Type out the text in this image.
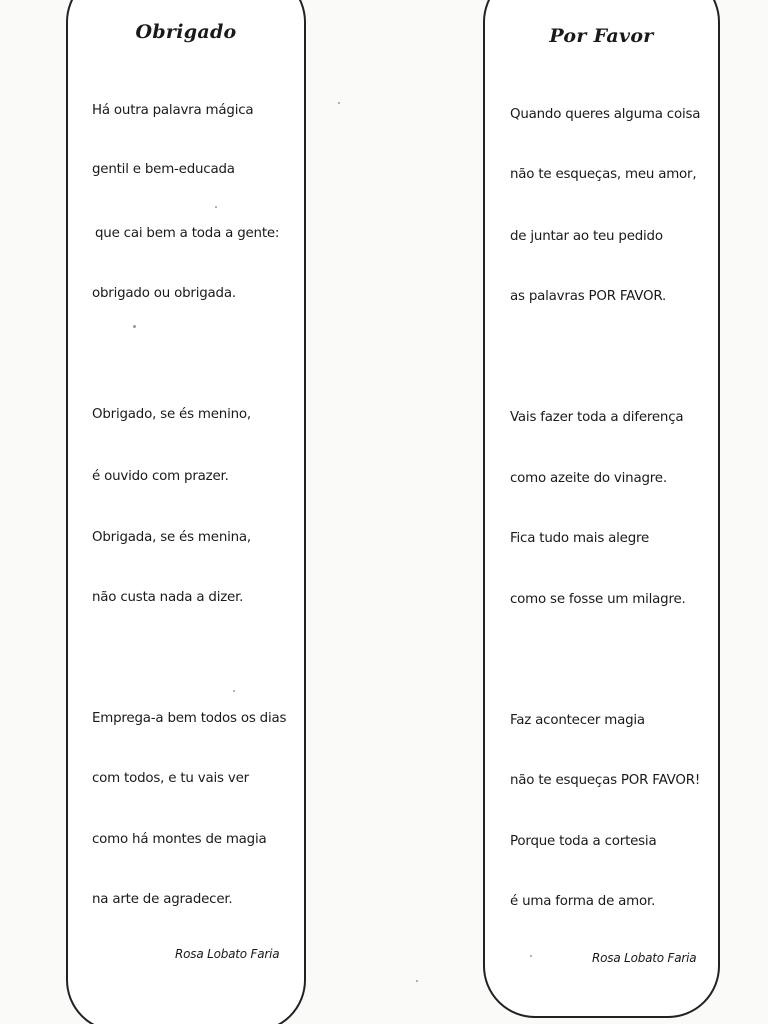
Obrigado
Há outra palavra mágica
gentil e bem-educada
que cai bem a toda a gente:
obrigado ou obrigada.
Obrigado, se és menino,
é ouvido com prazer.
Obrigada, se és menina,
não custa nada a dizer.
Emprega-a bem todos os dias
com todos, e tu vais ver
como há montes de magia
na arte de agradecer.
Rosa Lobato Faria
Por Favor
Quando queres alguma coisa
não te esqueças, meu amor,
de juntar ao teu pedido
as palavras POR FAVOR.
Vais fazer toda a diferença
como azeite do vinagre.
Fica tudo mais alegre
como se fosse um milagre.
Faz acontecer magia
não te esqueças POR FAVOR!
Porque toda a cortesia
é uma forma de amor.
Rosa Lobato Faria
